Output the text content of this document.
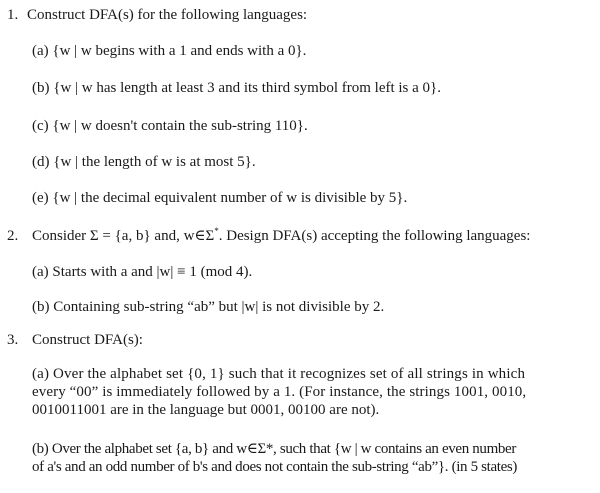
1. Construct DFA(s) for the following languages:
(a) {w | w begins with a 1 and ends with a 0}.
(b) {w | w has length at least 3 and its third symbol from left is a 0}.
(c) {w | w doesn't contain the sub-string 110}.
(d) {w | the length of w is at most 5}.
(e) {w | the decimal equivalent number of w is divisible by 5}.
2. Consider Σ = {a, b} and, w∈Σ*. Design DFA(s) accepting the following languages:
(a) Starts with a and |w| ≡ 1 (mod 4).
(b) Containing sub-string “ab” but |w| is not divisible by 2.
3. Construct DFA(s):
(a) Over the alphabet set {0, 1} such that it recognizes set of all strings in which
every “00” is immediately followed by a 1. (For instance, the strings 1001, 0010,
0010011001 are in the language but 0001, 00100 are not).
(b) Over the alphabet set {a, b} and w∈Σ*, such that {w | w contains an even number
of a's and an odd number of b's and does not contain the sub-string “ab”}. (in 5 states)
